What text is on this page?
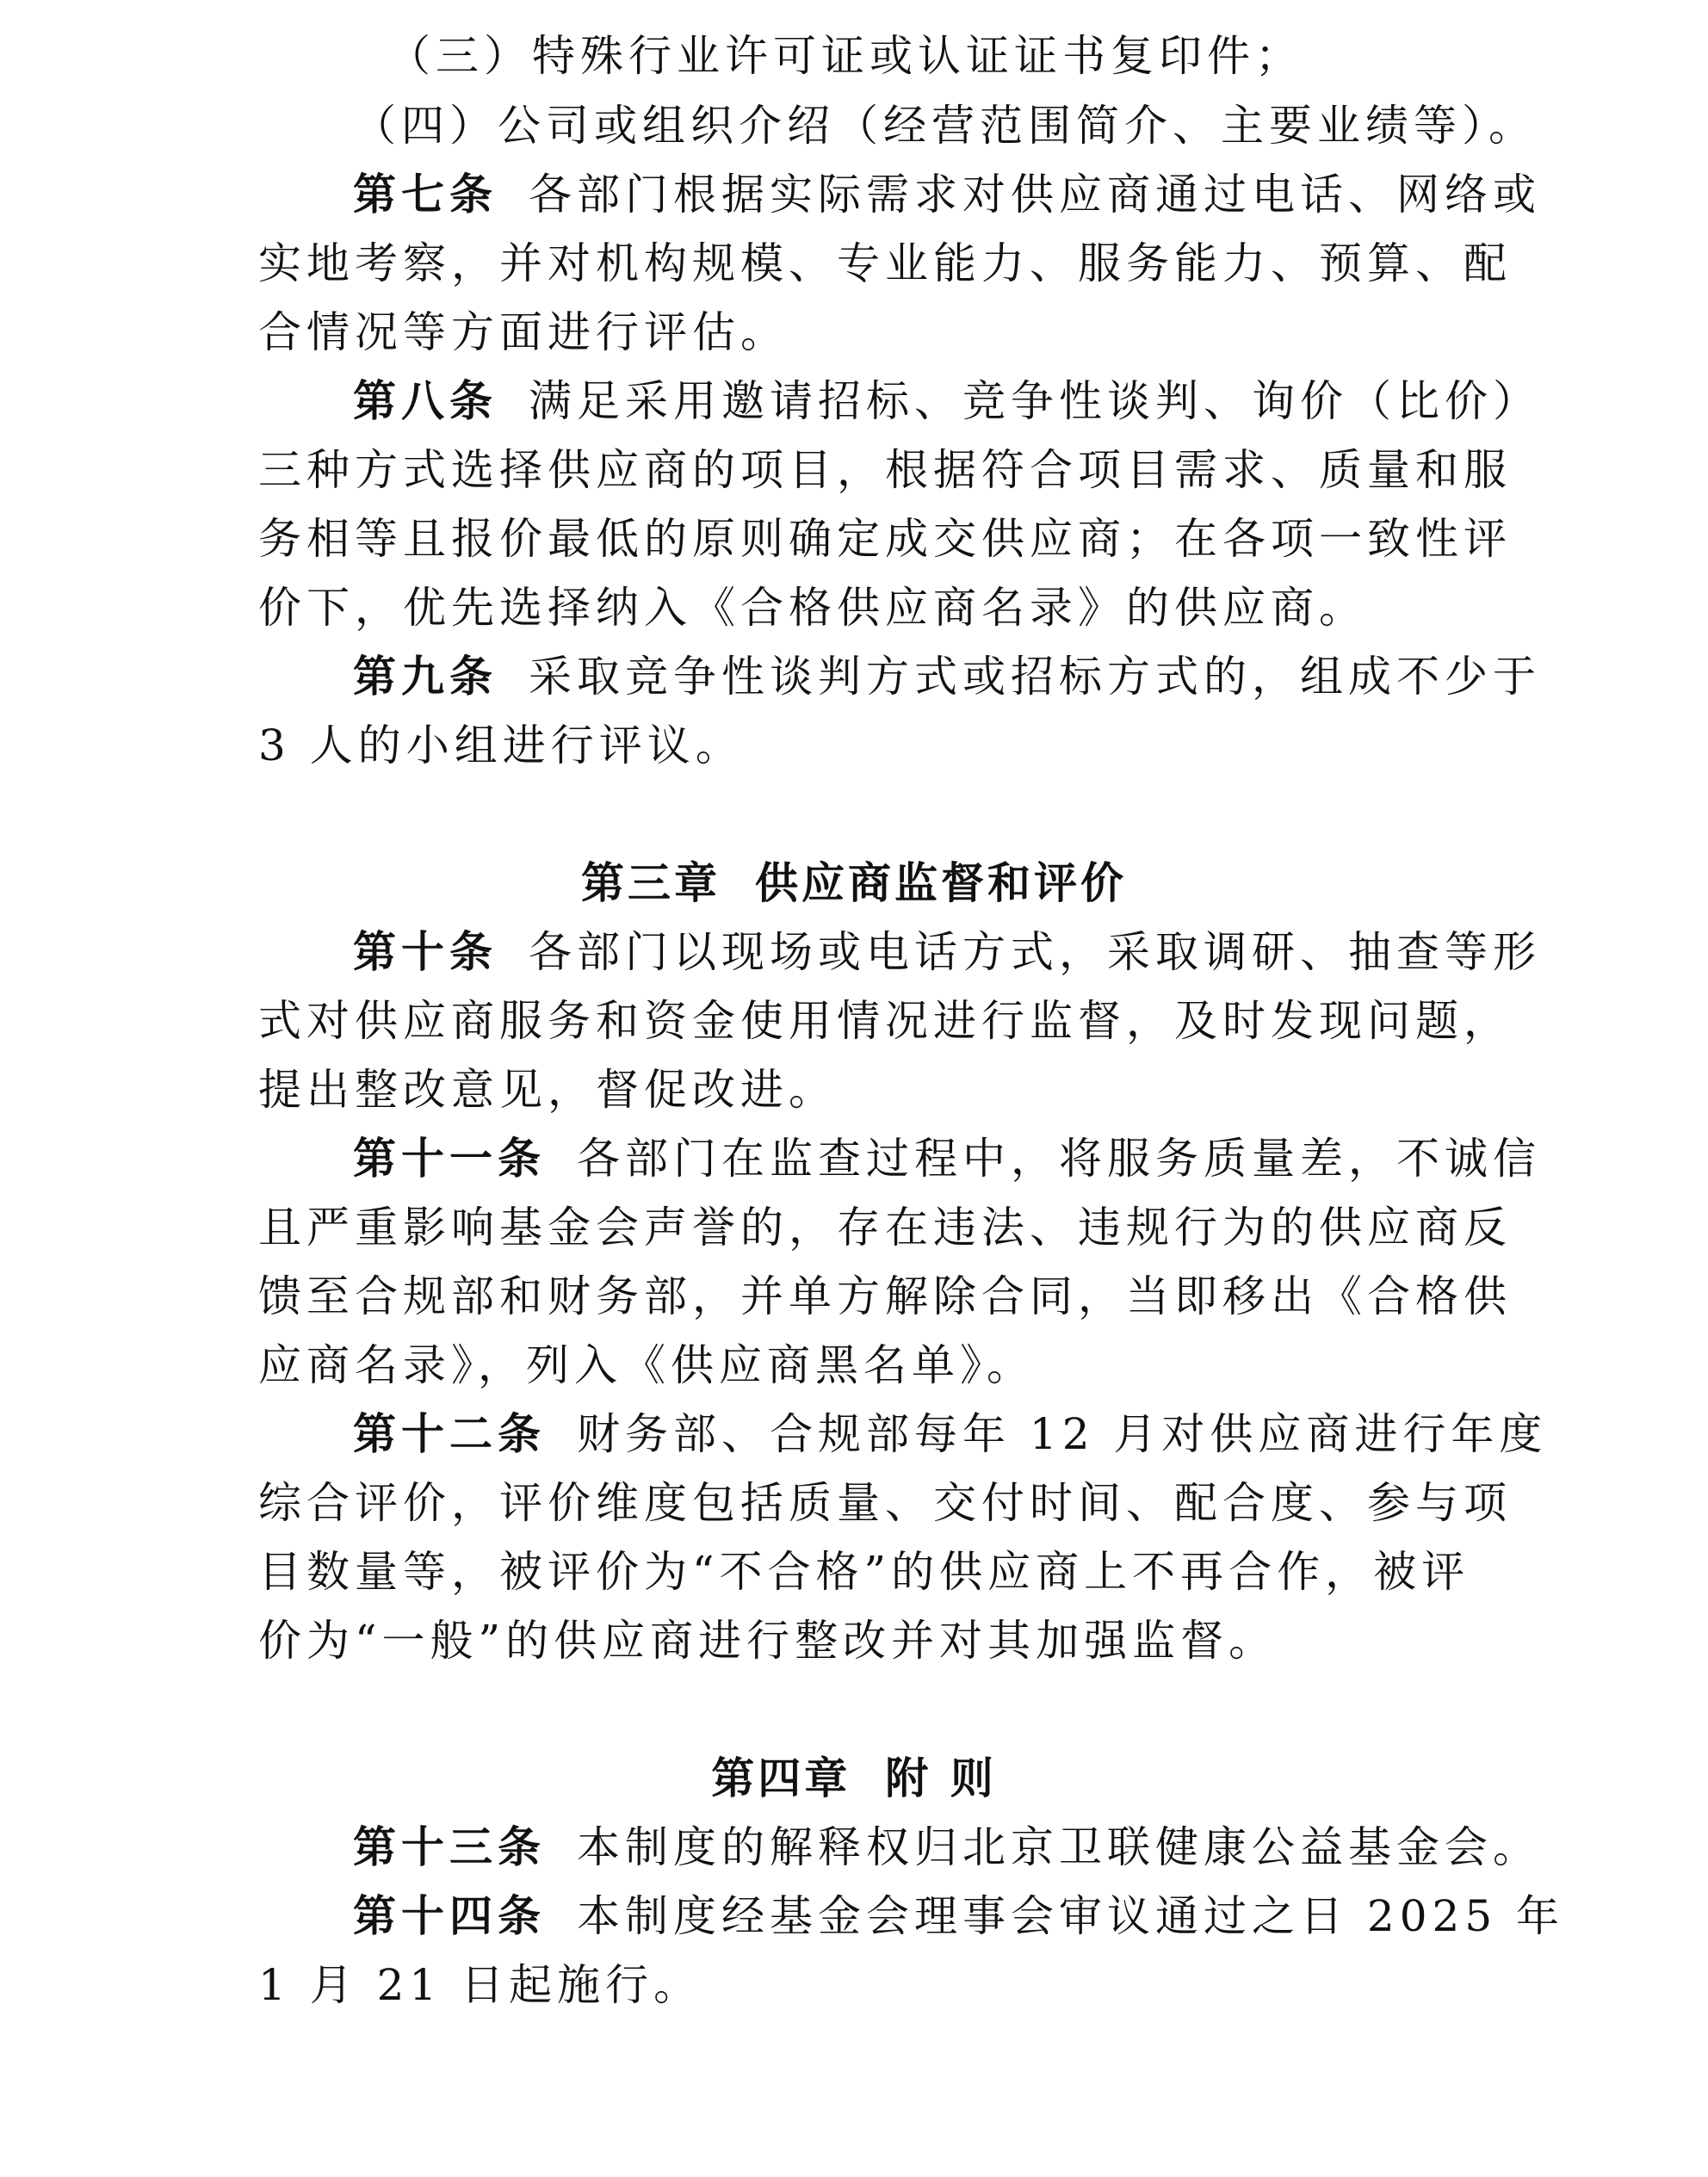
（三）特殊行业许可证或认证证书复印件；
（四）公司或组织介绍（经营范围简介、主要业绩等）。
第七条 各部门根据实际需求对供应商通过电话、网络或
实地考察，并对机构规模、专业能力、服务能力、预算、配
合情况等方面进行评估。
第八条 满足采用邀请招标、竞争性谈判、询价（比价）
三种方式选择供应商的项目，根据符合项目需求、质量和服
务相等且报价最低的原则确定成交供应商；在各项一致性评
价下，优先选择纳入《合格供应商名录》的供应商。
第九条 采取竞争性谈判方式或招标方式的，组成不少于
3 人的小组进行评议。
第三章 供应商监督和评价
第十条 各部门以现场或电话方式，采取调研、抽查等形
式对供应商服务和资金使用情况进行监督，及时发现问题，
提出整改意见，督促改进。
第十一条 各部门在监查过程中，将服务质量差，不诚信
且严重影响基金会声誉的，存在违法、违规行为的供应商反
馈至合规部和财务部，并单方解除合同，当即移出《合格供
应商名录》，列入《供应商黑名单》。
第十二条 财务部、合规部每年 12 月对供应商进行年度
综合评价，评价维度包括质量、交付时间、配合度、参与项
目数量等，被评价为“不合格”的供应商上不再合作，被评
价为“一般”的供应商进行整改并对其加强监督。
第四章 附 则
第十三条 本制度的解释权归北京卫联健康公益基金会。
第十四条 本制度经基金会理事会审议通过之日 2025 年
1 月 21 日起施行。
